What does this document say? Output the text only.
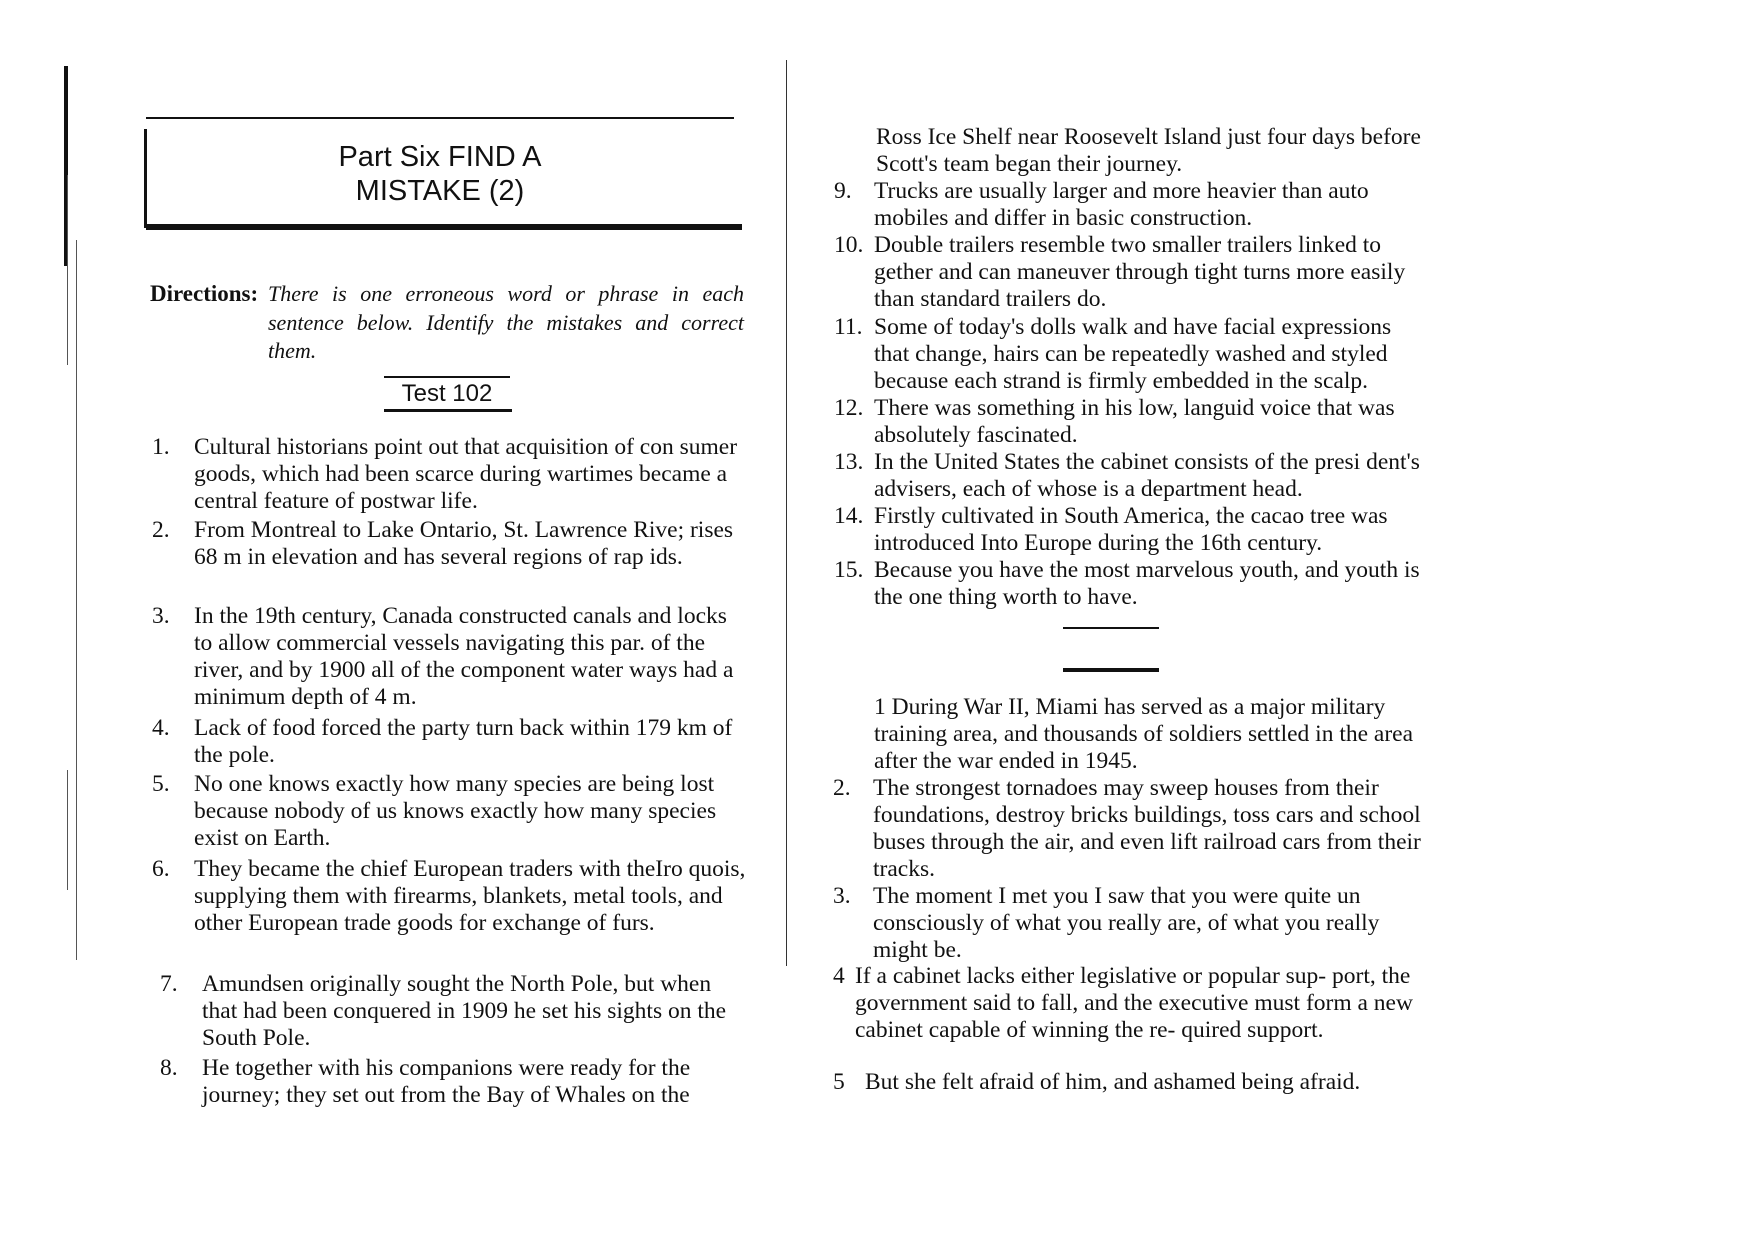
Part Six FIND A
MISTAKE (2)
Directions: There is one erroneous word or phrase in each sentence below. Identify the mistakes and correct them.
Test 102
1. Cultural historians point out that acquisition of con sumer goods, which had been scarce during wartimes became a central feature of postwar life.
2. From Montreal to Lake Ontario, St. Lawrence Rive; rises 68 m in elevation and has several regions of rap ids.
3. In the 19th century, Canada constructed canals and locks to allow commercial vessels navigating this par. of the river, and by 1900 all of the component water ways had a minimum depth of 4 m.
4. Lack of food forced the party turn back within 179 km of the pole.
5. No one knows exactly how many species are being lost because nobody of us knows exactly how many species exist on Earth.
6. They became the chief European traders with theIro quois, supplying them with firearms, blankets, metal tools, and other European trade goods for exchange of furs.
7. Amundsen originally sought the North Pole, but when that had been conquered in 1909 he set his sights on the South Pole.
8. He together with his companions were ready for the journey; they set out from the Bay of Whales on the
Ross Ice Shelf near Roosevelt Island just four days before Scott's team began their journey.
9. Trucks are usually larger and more heavier than auto mobiles and differ in basic construction.
10. Double trailers resemble two smaller trailers linked to gether and can maneuver through tight turns more easily than standard trailers do.
11. Some of today's dolls walk and have facial expressions that change, hairs can be repeatedly washed and styled because each strand is firmly embedded in the scalp.
12. There was something in his low, languid voice that was absolutely fascinated.
13. In the United States the cabinet consists of the presi dent's advisers, each of whose is a department head.
14. Firstly cultivated in South America, the cacao tree was introduced Into Europe during the 16th century.
15. Because you have the most marvelous youth, and youth is the one thing worth to have.
1 During War II, Miami has served as a major military training area, and thousands of soldiers settled in the area after the war ended in 1945.
2. The strongest tornadoes may sweep houses from their foundations, destroy bricks buildings, toss cars and school buses through the air, and even lift railroad cars from their tracks.
3. The moment I met you I saw that you were quite un consciously of what you really are, of what you really might be.
4 If a cabinet lacks either legislative or popular sup- port, the government said to fall, and the executive must form a new cabinet capable of winning the re- quired support.
5 But she felt afraid of him, and ashamed being afraid.
